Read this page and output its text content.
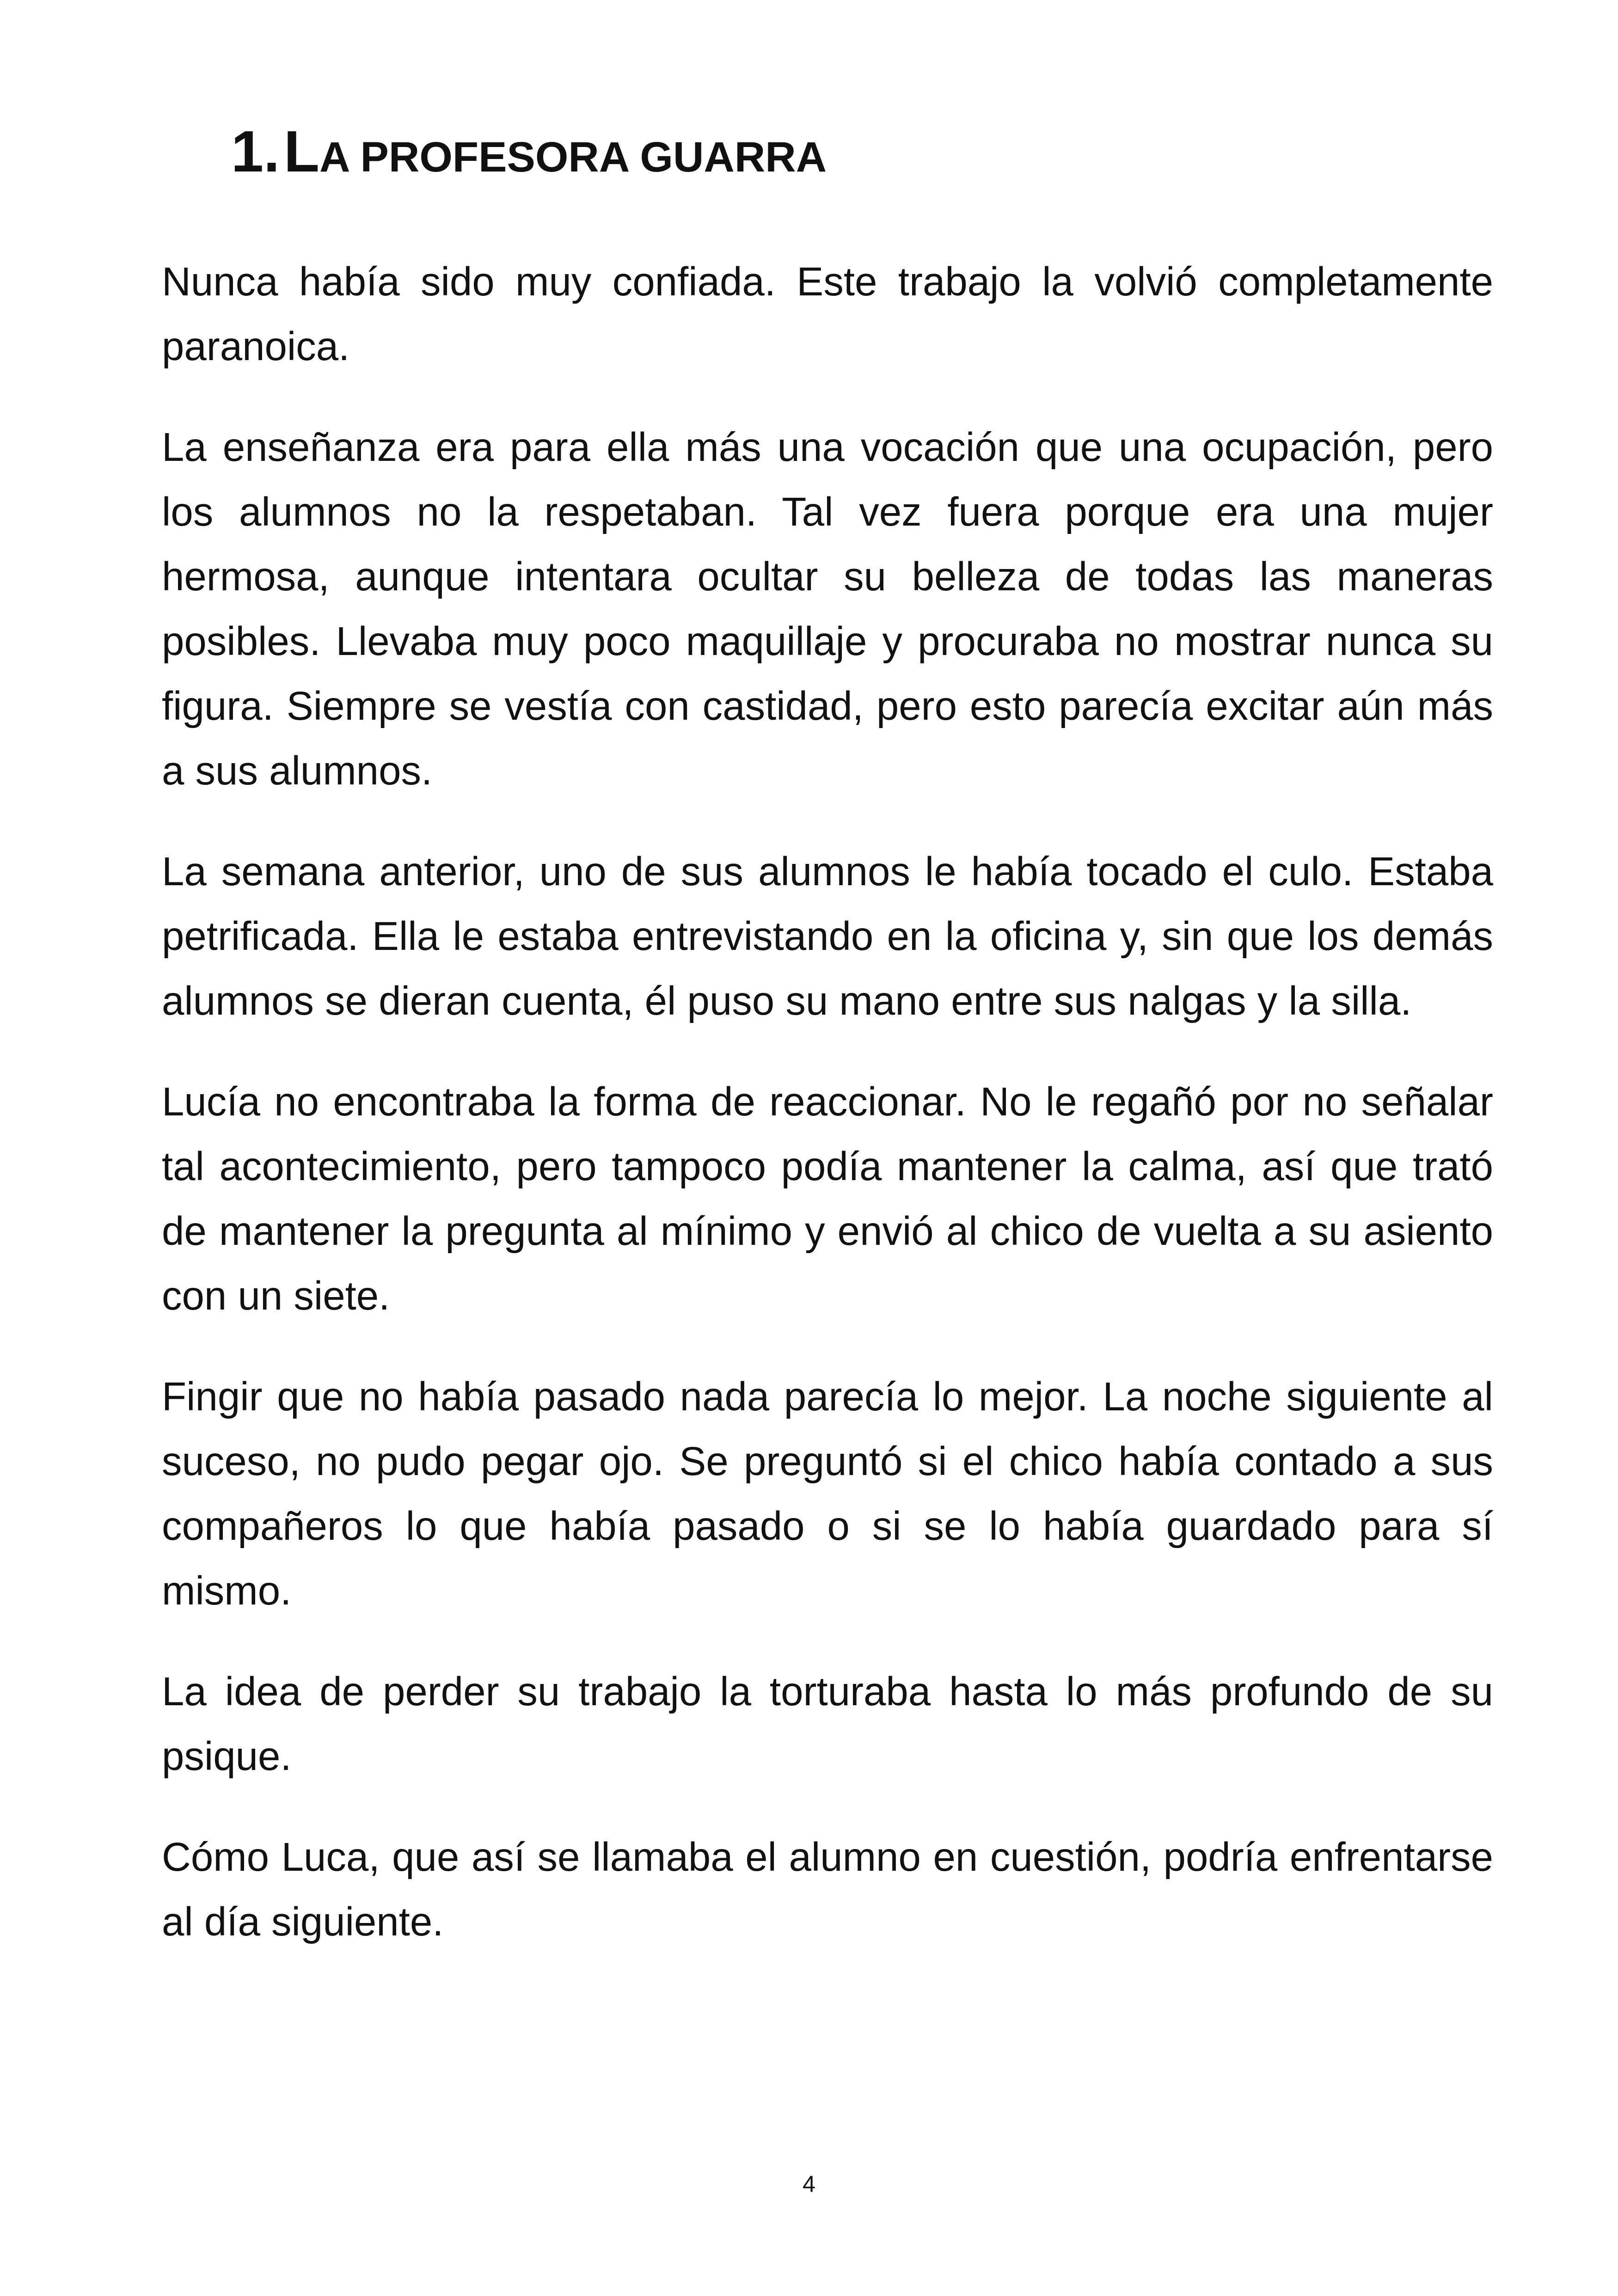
1. LA PROFESORA GUARRA

Nunca había sido muy confiada. Este trabajo la volvió completamente paranoica.

La enseñanza era para ella más una vocación que una ocupación, pero los alumnos no la respetaban. Tal vez fuera porque era una mujer hermosa, aunque intentara ocultar su belleza de todas las maneras posibles. Llevaba muy poco maquillaje y procuraba no mostrar nunca su figura. Siempre se vestía con castidad, pero esto parecía excitar aún más a sus alumnos.

La semana anterior, uno de sus alumnos le había tocado el culo. Estaba petrificada. Ella le estaba entrevistando en la oficina y, sin que los demás alumnos se dieran cuenta, él puso su mano entre sus nalgas y la silla.

Lucía no encontraba la forma de reaccionar. No le regañó por no señalar tal acontecimiento, pero tampoco podía mantener la calma, así que trató de mantener la pregunta al mínimo y envió al chico de vuelta a su asiento con un siete.

Fingir que no había pasado nada parecía lo mejor. La noche siguiente al suceso, no pudo pegar ojo. Se preguntó si el chico había contado a sus compañeros lo que había pasado o si se lo había guardado para sí mismo.

La idea de perder su trabajo la torturaba hasta lo más profundo de su psique.

Cómo Luca, que así se llamaba el alumno en cuestión, podría enfrentarse al día siguiente.

4
